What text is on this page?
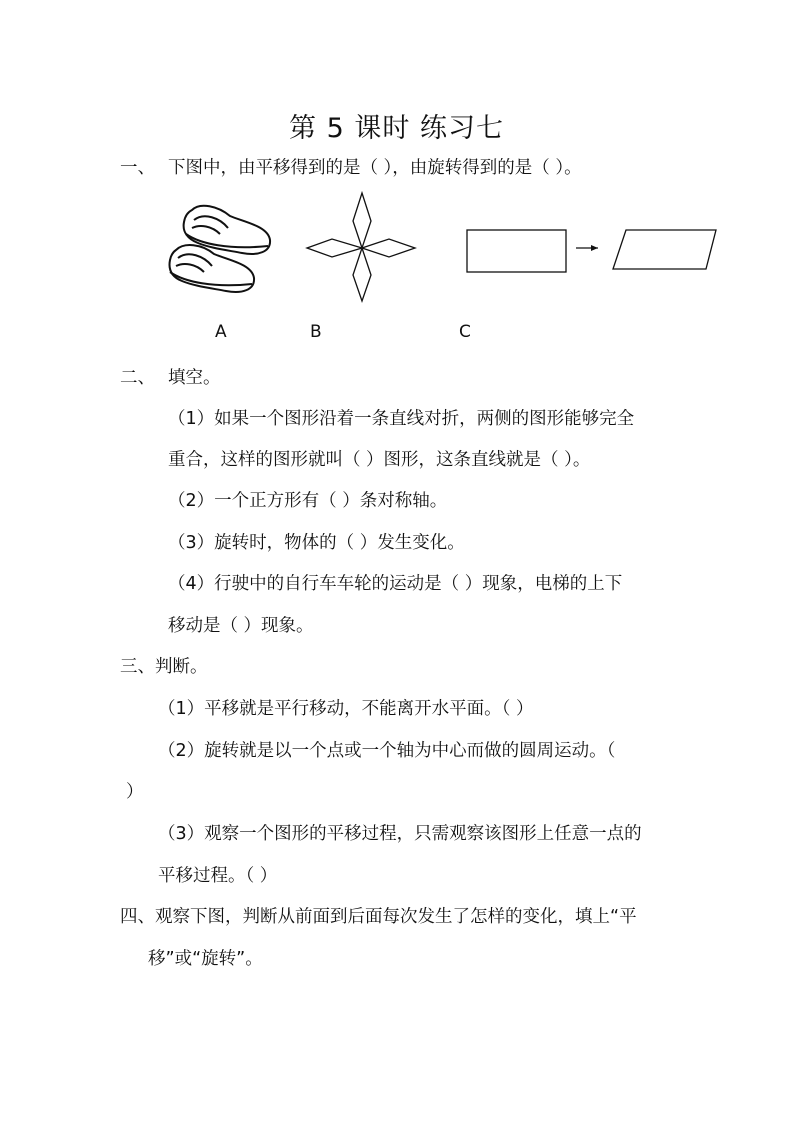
第 5 课时 练习七
一、 下图中，由平移得到的是（ ），由旋转得到的是（ ）。
A	B	C
二、 填空。
（1）如果一个图形沿着一条直线对折，两侧的图形能够完全
重合，这样的图形就叫（ ）图形，这条直线就是（ ）。
（2）一个正方形有（ ）条对称轴。
（3）旋转时，物体的（ ）发生变化。
（4）行驶中的自行车车轮的运动是（ ）现象，电梯的上下
移动是（ ）现象。
三、判断。
（1）平移就是平行移动，不能离开水平面。（ ）
（2）旋转就是以一个点或一个轴为中心而做的圆周运动。（
）
（3）观察一个图形的平移过程，只需观察该图形上任意一点的
平移过程。（ ）
四、观察下图，判断从前面到后面每次发生了怎样的变化，填上“平
移”或“旋转”。
